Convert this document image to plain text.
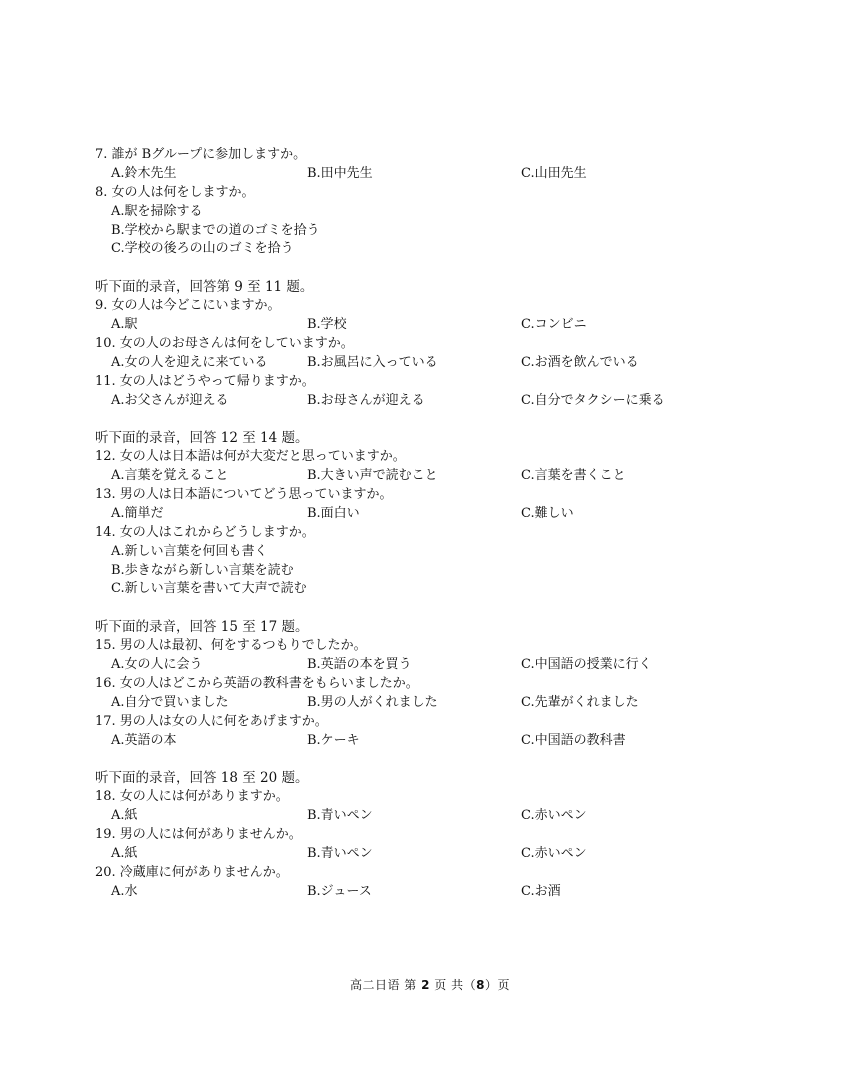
7. 誰が Bグループに参加しますか。
A.鈴木先生	B.田中先生	C.山田先生
8. 女の人は何をしますか。
A.駅を掃除する
B.学校から駅までの道のゴミを拾う
C.学校の後ろの山のゴミを拾う
听下面的录音，回答第 9 至 11 题。
9. 女の人は今どこにいますか。
A.駅	B.学校	C.コンビニ
10. 女の人のお母さんは何をしていますか。
A.女の人を迎えに来ている	B.お風呂に入っている	C.お酒を飲んでいる
11. 女の人はどうやって帰りますか。
A.お父さんが迎える	B.お母さんが迎える	C.自分でタクシーに乗る
听下面的录音，回答 12 至 14 题。
12. 女の人は日本語は何が大変だと思っていますか。
A.言葉を覚えること	B.大きい声で読むこと	C.言葉を書くこと
13. 男の人は日本語についてどう思っていますか。
A.簡単だ	B.面白い	C.難しい
14. 女の人はこれからどうしますか。
A.新しい言葉を何回も書く
B.歩きながら新しい言葉を読む
C.新しい言葉を書いて大声で読む
听下面的录音，回答 15 至 17 题。
15. 男の人は最初、何をするつもりでしたか。
A.女の人に会う	B.英語の本を買う	C.中国語の授業に行く
16. 女の人はどこから英語の教科書をもらいましたか。
A.自分で買いました	B.男の人がくれました	C.先輩がくれました
17. 男の人は女の人に何をあげますか。
A.英語の本	B.ケーキ	C.中国語の教科書
听下面的录音，回答 18 至 20 题。
18. 女の人には何がありますか。
A.紙	B.青いペン	C.赤いペン
19. 男の人には何がありませんか。
A.紙	B.青いペン	C.赤いペン
20. 冷蔵庫に何がありませんか。
A.水	B.ジュース	C.お酒
高二日语 第 2 页 共（8）页
